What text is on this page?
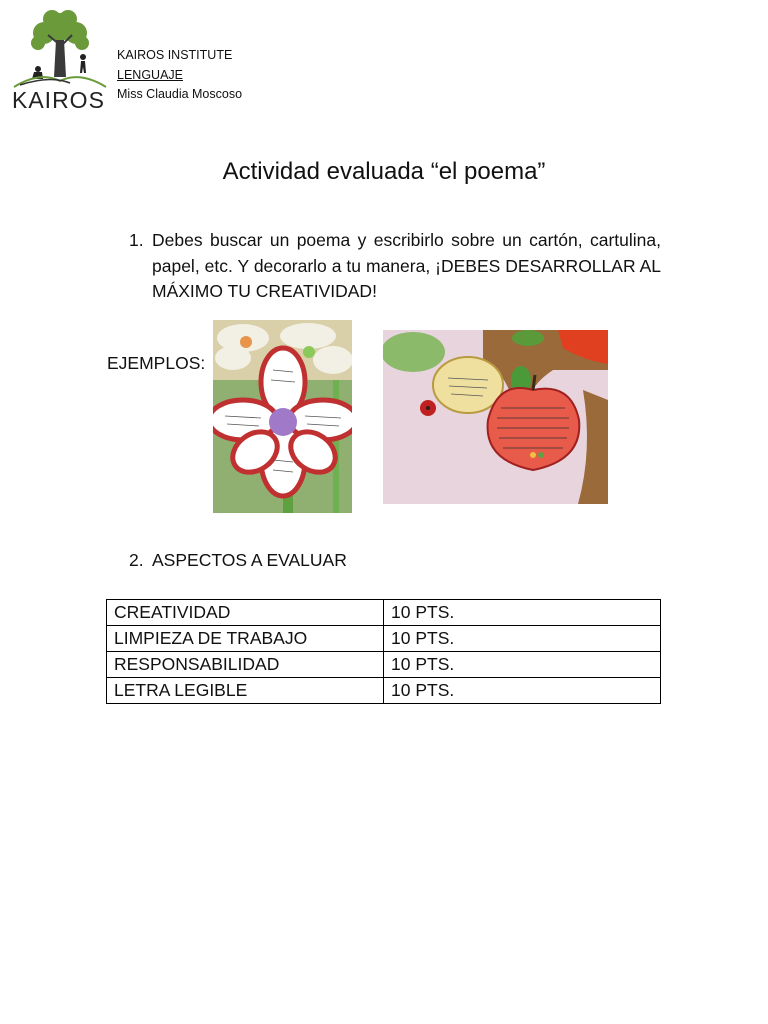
KAIROS
KAIROS INSTITUTE
LENGUAJE
Miss Claudia Moscoso
Actividad evaluada “el poema”
1. Debes buscar un poema y escribirlo sobre un cartón, cartulina, papel, etc. Y decorarlo a tu manera, ¡DEBES DESARROLLAR AL MÁXIMO TU CREATIVIDAD!
EJEMPLOS:
2. ASPECTOS A EVALUAR
CREATIVIDAD	10 PTS.
LIMPIEZA DE TRABAJO	10 PTS.
RESPONSABILIDAD	10 PTS.
LETRA LEGIBLE	10 PTS.
